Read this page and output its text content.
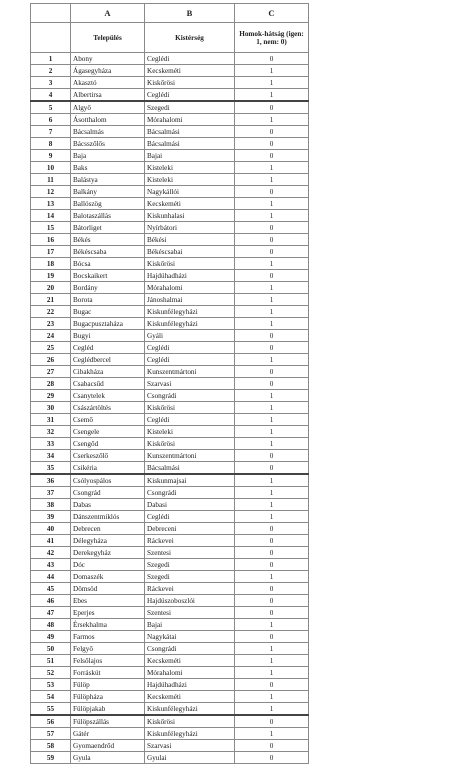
	A	B	C
	Település	Kistérség	Homok-hátság (igen: 1, nem: 0)
1	Abony	Ceglédi	0
2	Ágasegyháza	Kecskeméti	1
3	Akasztó	Kiskőrösi	1
4	Albertirsa	Ceglédi	1
5	Algyő	Szegedi	0
6	Ásotthalom	Mórahalomi	1
7	Bácsalmás	Bácsalmási	0
8	Bácsszőlős	Bácsalmási	0
9	Baja	Bajai	0
10	Baks	Kisteleki	1
11	Balástya	Kisteleki	1
12	Balkány	Nagykállói	0
13	Ballószög	Kecskeméti	1
14	Balotaszállás	Kiskunhalasi	1
15	Bátorliget	Nyírbátori	0
16	Békés	Békési	0
17	Békéscsaba	Békéscsabai	0
18	Bócsa	Kiskőrösi	1
19	Bocskaikert	Hajdúhadházi	0
20	Bordány	Mórahalomi	1
21	Borota	Jánoshalmai	1
22	Bugac	Kiskunfélegyházi	1
23	Bugacpusztaháza	Kiskunfélegyházi	1
24	Bugyi	Gyáli	0
25	Cegléd	Ceglédi	0
26	Ceglédbercel	Ceglédi	1
27	Cibakháza	Kunszentmártoni	0
28	Csabacsűd	Szarvasi	0
29	Csanytelek	Csongrádi	1
30	Császártöltés	Kiskőrösi	1
31	Csemő	Ceglédi	1
32	Csengele	Kisteleki	1
33	Csengőd	Kiskőrösi	1
34	Cserkeszőlő	Kunszentmártoni	0
35	Csikéria	Bácsalmási	0
36	Csólyospálos	Kiskunmajsai	1
37	Csongrád	Csongrádi	1
38	Dabas	Dabasi	1
39	Dánszentmiklós	Ceglédi	1
40	Debrecen	Debreceni	0
41	Délegyháza	Ráckevei	0
42	Derekegyház	Szentesi	0
43	Dóc	Szegedi	0
44	Domaszék	Szegedi	1
45	Dömsöd	Ráckevei	0
46	Ebes	Hajdúszoboszlói	0
47	Eperjes	Szentesi	0
48	Érsekhalma	Bajai	1
49	Farmos	Nagykátai	0
50	Felgyő	Csongrádi	1
51	Felsőlajos	Kecskeméti	1
52	Forráskút	Mórahalomi	1
53	Fülöp	Hajdúhadházi	0
54	Fülöpháza	Kecskeméti	1
55	Fülöpjakab	Kiskunfélegyházi	1
56	Fülöpszállás	Kiskőrösi	0
57	Gátér	Kiskunfélegyházi	1
58	Gyomaendrőd	Szarvasi	0
59	Gyula	Gyulai	0
